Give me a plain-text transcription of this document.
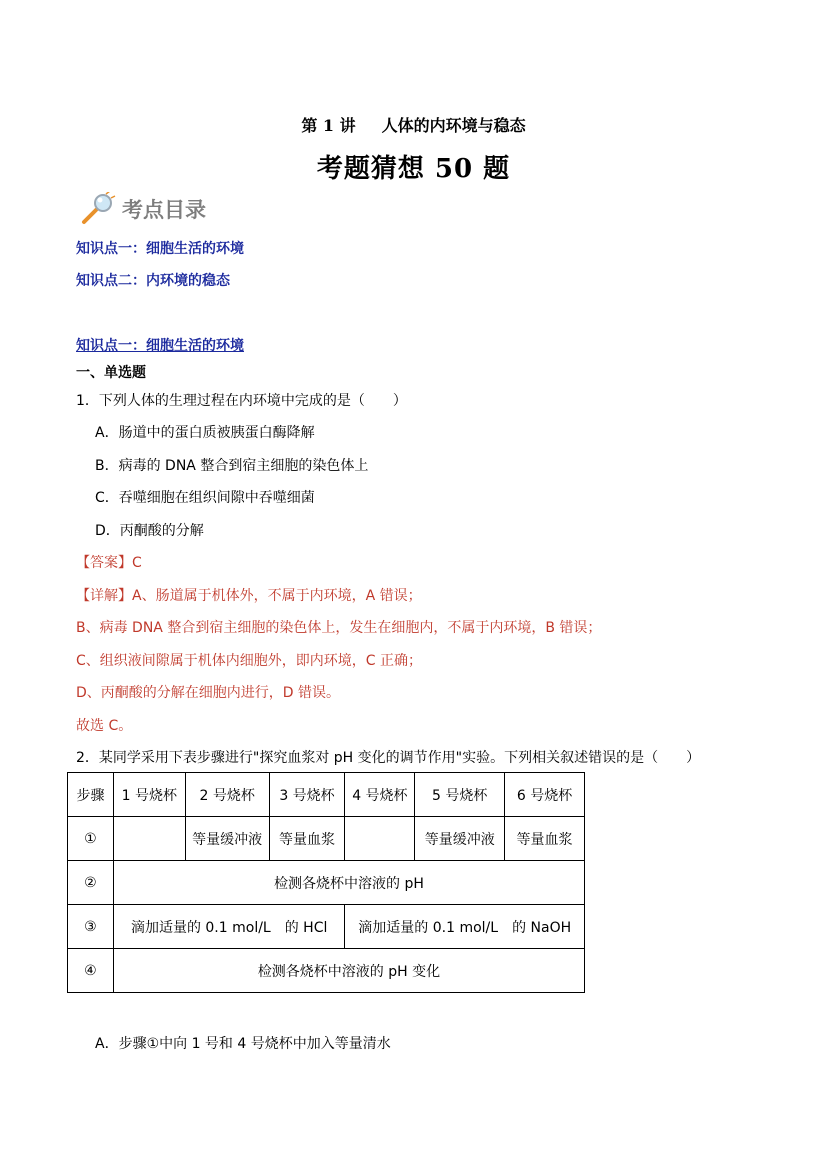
第 1 讲 人体的内环境与稳态
考题猜想 50 题
考点目录
知识点一：细胞生活的环境
知识点二：内环境的稳态
知识点一：细胞生活的环境
一、单选题
1．下列人体的生理过程在内环境中完成的是（　　）
A．肠道中的蛋白质被胰蛋白酶降解
B．病毒的 DNA 整合到宿主细胞的染色体上
C．吞噬细胞在组织间隙中吞噬细菌
D．丙酮酸的分解
【答案】C
【详解】A、肠道属于机体外，不属于内环境，A 错误；
B、病毒 DNA 整合到宿主细胞的染色体上，发生在细胞内，不属于内环境，B 错误；
C、组织液间隙属于机体内细胞外，即内环境，C 正确；
D、丙酮酸的分解在细胞内进行，D 错误。
故选 C。
2．某同学采用下表步骤进行"探究血浆对 pH 变化的调节作用"实验。下列相关叙述错误的是（　　）
步骤	1 号烧杯	2 号烧杯	3 号烧杯	4 号烧杯	5 号烧杯	6 号烧杯
①		等量缓冲液	等量血浆		等量缓冲液	等量血浆
②	检测各烧杯中溶液的 pH					
③	滴加适量的 0.1 mol/L　的 HCl			滴加适量的 0.1 mol/L　的 NaOH		
④	检测各烧杯中溶液的 pH 变化					
A．步骤①中向 1 号和 4 号烧杯中加入等量清水
